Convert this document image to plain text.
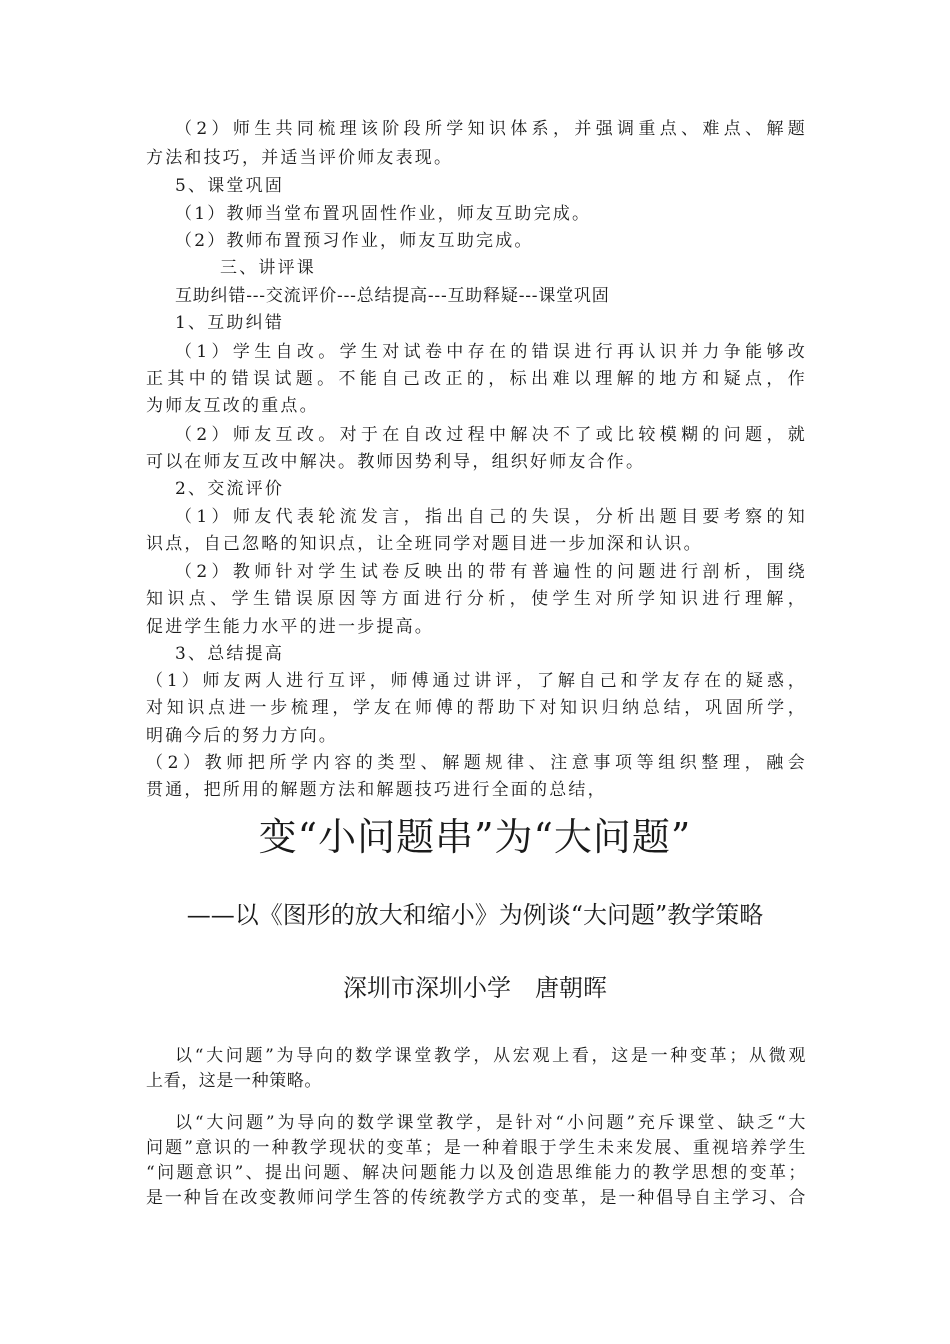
（2）师生共同梳理该阶段所学知识体系，并强调重点、难点、解题
方法和技巧，并适当评价师友表现。
5、课堂巩固
（1）教师当堂布置巩固性作业，师友互助完成。
（2）教师布置预习作业，师友互助完成。
三、讲评课
互助纠错---交流评价---总结提高---互助释疑---课堂巩固
1、互助纠错
（1）学生自改。学生对试卷中存在的错误进行再认识并力争能够改
正其中的错误试题。不能自己改正的，标出难以理解的地方和疑点，作
为师友互改的重点。
（2）师友互改。对于在自改过程中解决不了或比较模糊的问题，就
可以在师友互改中解决。教师因势利导，组织好师友合作。
2、交流评价
（1）师友代表轮流发言，指出自己的失误，分析出题目要考察的知
识点，自己忽略的知识点，让全班同学对题目进一步加深和认识。
（2）教师针对学生试卷反映出的带有普遍性的问题进行剖析，围绕
知识点、学生错误原因等方面进行分析，使学生对所学知识进行理解，
促进学生能力水平的进一步提高。
3、总结提高
（1）师友两人进行互评，师傅通过讲评，了解自己和学友存在的疑惑，
对知识点进一步梳理，学友在师傅的帮助下对知识归纳总结，巩固所学，
明确今后的努力方向。
（2）教师把所学内容的类型、解题规律、注意事项等组织整理，融会
贯通，把所用的解题方法和解题技巧进行全面的总结，
变“小问题串”为“大问题”
——以《图形的放大和缩小》为例谈“大问题”教学策略
深圳市深圳小学　唐朝晖
以“大问题”为导向的数学课堂教学，从宏观上看，这是一种变革；从微观
上看，这是一种策略。
以“大问题”为导向的数学课堂教学，是针对“小问题”充斥课堂、缺乏“大
问题”意识的一种教学现状的变革；是一种着眼于学生未来发展、重视培养学生
“问题意识”、提出问题、解决问题能力以及创造思维能力的教学思想的变革；
是一种旨在改变教师问学生答的传统教学方式的变革，是一种倡导自主学习、合
